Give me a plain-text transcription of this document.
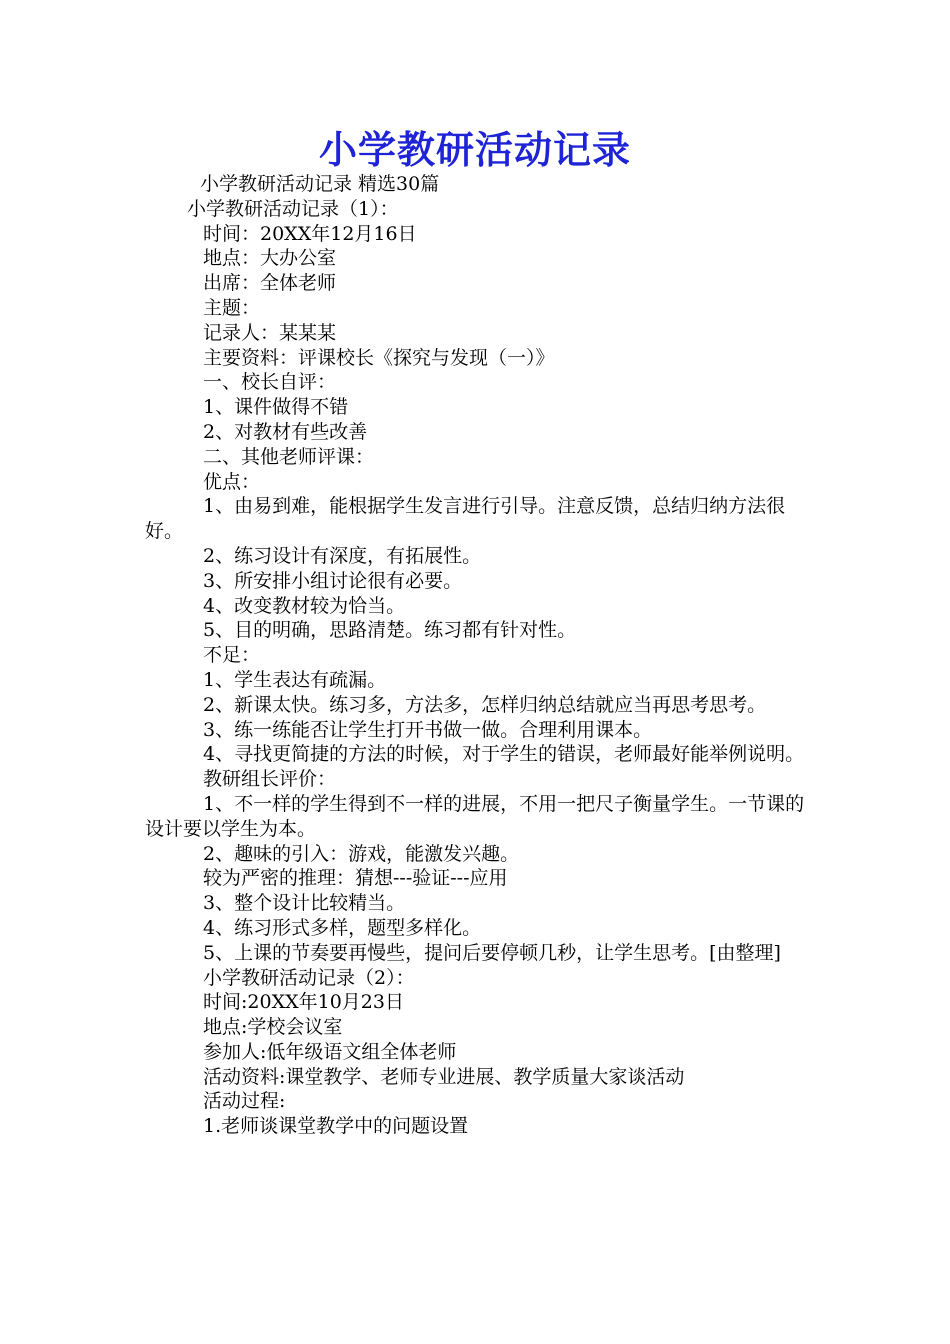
小学教研活动记录

小学教研活动记录 精选30篇

小学教研活动记录（1）：

时间：20XX年12月16日

地点：大办公室

出席：全体老师

主题：

记录人：某某某

主要资料：评课校长《探究与发现（一）》

一、校长自评：

1、课件做得不错

2、对教材有些改善

二、其他老师评课：

优点：

1、由易到难，能根据学生发言进行引导。注意反馈，总结归纳方法很好。

2、练习设计有深度，有拓展性。

3、所安排小组讨论很有必要。

4、改变教材较为恰当。

5、目的明确，思路清楚。练习都有针对性。

不足：

1、学生表达有疏漏。

2、新课太快。练习多，方法多，怎样归纳总结就应当再思考思考。

3、练一练能否让学生打开书做一做。合理利用课本。

4、寻找更简捷的方法的时候，对于学生的错误，老师最好能举例说明。

教研组长评价：

1、不一样的学生得到不一样的进展，不用一把尺子衡量学生。一节课的设计要以学生为本。

2、趣味的引入：游戏，能激发兴趣。

较为严密的推理：猜想---验证---应用

3、整个设计比较精当。

4、练习形式多样，题型多样化。

5、上课的节奏要再慢些，提问后要停顿几秒，让学生思考。[由整理]

小学教研活动记录（2）：

时间:20XX年10月23日

地点:学校会议室

参加人:低年级语文组全体老师

活动资料:课堂教学、老师专业进展、教学质量大家谈活动

活动过程:

1.老师谈课堂教学中的问题设置
